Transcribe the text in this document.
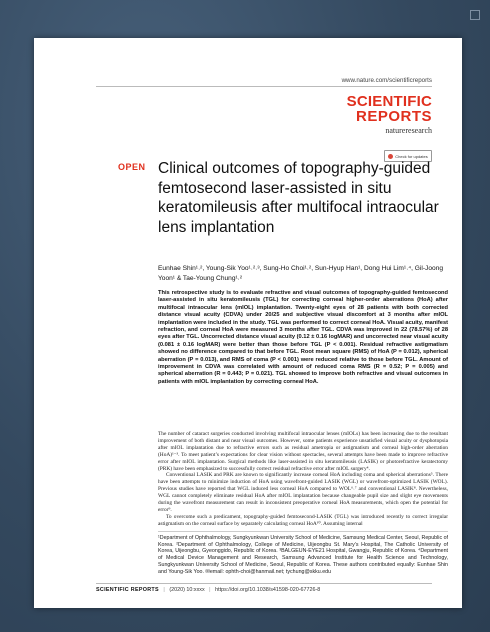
www.nature.com/scientificreports
SCIENTIFIC
REPORTS
natureresearch
Check for updates
OPEN Clinical outcomes of topography-guided femtosecond laser-assisted in situ keratomileusis after multifocal intraocular lens implantation
Eunhae Shin¹˒², Young-Sik Yoo¹˒²˒³, Sung-Ho Choi¹˒², Sun-Hyup Han¹, Dong Hui Lim¹˒⁴, Gil-Joong Yoon¹ & Tae-Young Chung¹˒²
This retrospective study is to evaluate refractive and visual outcomes of topography-guided femtosecond laser-assisted in situ keratomileusis (TGL) for correcting corneal higher-order aberrations (HoA) after multifocal intraocular lens (mIOL) implantation. Twenty-eight eyes of 28 patients with both corrected distance visual acuity (CDVA) under 20/25 and subjective visual discomfort at 3 months after mIOL implantation were included in the study. TGL was performed to correct corneal HoA. Visual acuity, manifest refraction, and corneal HoA were measured 3 months after TGL. CDVA was improved in 22 (78.57%) of 28 eyes after TGL. Uncorrected distance visual acuity (0.12 ± 0.16 logMAR) and uncorrected near visual acuity (0.081 ± 0.16 logMAR) were better than those before TGL (P < 0.001). Residual refractive astigmatism showed no difference compared to that before TGL. Root mean square (RMS) of HoA (P = 0.012), spherical aberration (P = 0.013), and RMS of coma (P < 0.001) were reduced relative to those before TGL. Amount of improvement in CDVA was correlated with amount of reduced coma RMS (R = 0.52; P = 0.005) and spherical aberration (R = 0.443; P = 0.021). TGL showed to improve both refractive and visual outcomes in patients with mIOL implantation by correcting corneal HoA.

The number of cataract surgeries conducted involving multifocal intraocular lenses (mIOLs) has been increasing due to the resultant improvement of both distant and near visual outcomes. However, some patients experience unsatisfied visual acuity or dysphotopsia after mIOL implantation due to refractive errors such as residual ametropia or astigmatism and corneal high-order aberration (HoA)¹⁻³. To meet patient’s expectations for clear vision without spectacles, several attempts have been made to improve refractive error after mIOL implantation. Surgical methods like laser-assisted in situ keratomileusis (LASIK) or photorefractive keratectomy (PRK) have been emphasized to successfully correct residual refractive error after mIOL surgery⁴.

Conventional LASIK and PRK are known to significantly increase corneal HoA including coma and spherical aberrations⁵. There have been attempts to minimize induction of HoA using wavefront-guided LASIK (WGL) or wavefront-optimized LASIK (WOL). Previous studies have reported that WGL induced less corneal HoA compared to WOL⁶˒⁷ and conventional LASIK⁸. Nevertheless, WGL cannot completely eliminate residual HoA after mIOL implantation because changeable pupil size and slight eye movements during the wavefront measurement can result in inconsistent preoperative corneal HoA measurements, which open the potential for error⁹.

To overcome such a predicament, topography-guided femtosecond-LASIK (TGL) was introduced recently to correct irregular astigmatism on the corneal surface by separately calculating corneal HoA¹⁰. Assuming internal

¹Department of Ophthalmology, Sungkyunkwan University School of Medicine, Samsung Medical Center, Seoul, Republic of Korea. ²Department of Ophthalmology, College of Medicine, Uijeongbu St. Mary’s Hospital, The Catholic University of Korea, Uijeongbu, Gyeonggido, Republic of Korea. ³BALGEUN-EYE21 Hospital, Gwangju, Republic of Korea. ⁴Department of Medical Device Management and Research, Samsung Advanced Institute for Health Science and Technology, Sungkyunkwan University School of Medicine, Seoul, Republic of Korea. These authors contributed equally: Eunhae Shin and Young-Sik Yoo. ✉email: ophth-choi@hanmail.net; tychung@skku.edu
SCIENTIFIC REPORTS | (2020) 10:xxxx | https://doi.org/10.1038/s41598-020-67726-8
